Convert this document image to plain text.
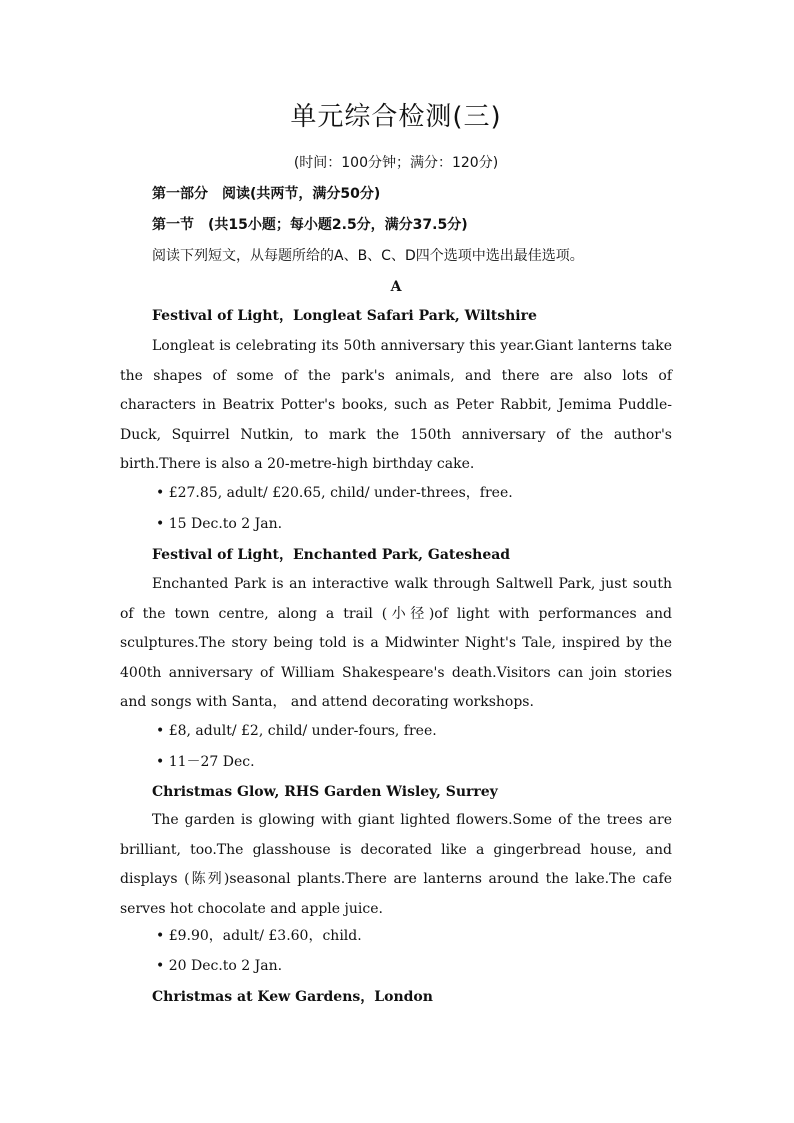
单元综合检测(三)
(时间：100分钟；满分：120分)
第一部分　阅读(共两节，满分50分)
第一节　(共15小题；每小题2.5分，满分37.5分)
阅读下列短文，从每题所给的A、B、C、D四个选项中选出最佳选项。
A
Festival of Light，Longleat Safari Park, Wiltshire

Longleat is celebrating its 50th anniversary this year.Giant lanterns take the shapes of some of the park's animals, and there are also lots of characters in Beatrix Potter's books, such as Peter Rabbit, Jemima Puddle-Duck, Squirrel Nutkin, to mark the 150th anniversary of the author's birth.There is also a 20-metre-high birthday cake.

• £27.85, adult/ £20.65, child/ under-threes，free.
• 15 Dec.to 2 Jan.
Festival of Light，Enchanted Park, Gateshead

Enchanted Park is an interactive walk through Saltwell Park, just south of the town centre, along a trail (小径)of light with performances and sculptures.The story being told is a Midwinter Night's Tale, inspired by the 400th anniversary of William Shakespeare's death.Visitors can join stories and songs with Santa， and attend decorating workshops.

• £8, adult/ £2, child/ under-fours, free.
• 11－27 Dec.
Christmas Glow, RHS Garden Wisley, Surrey

The garden is glowing with giant lighted flowers.Some of the trees are brilliant, too.The glasshouse is decorated like a gingerbread house, and displays (陈列)seasonal plants.There are lanterns around the lake.The cafe serves hot chocolate and apple juice.

• £9.90，adult/ £3.60，child.
• 20 Dec.to 2 Jan.
Christmas at Kew Gardens，London
